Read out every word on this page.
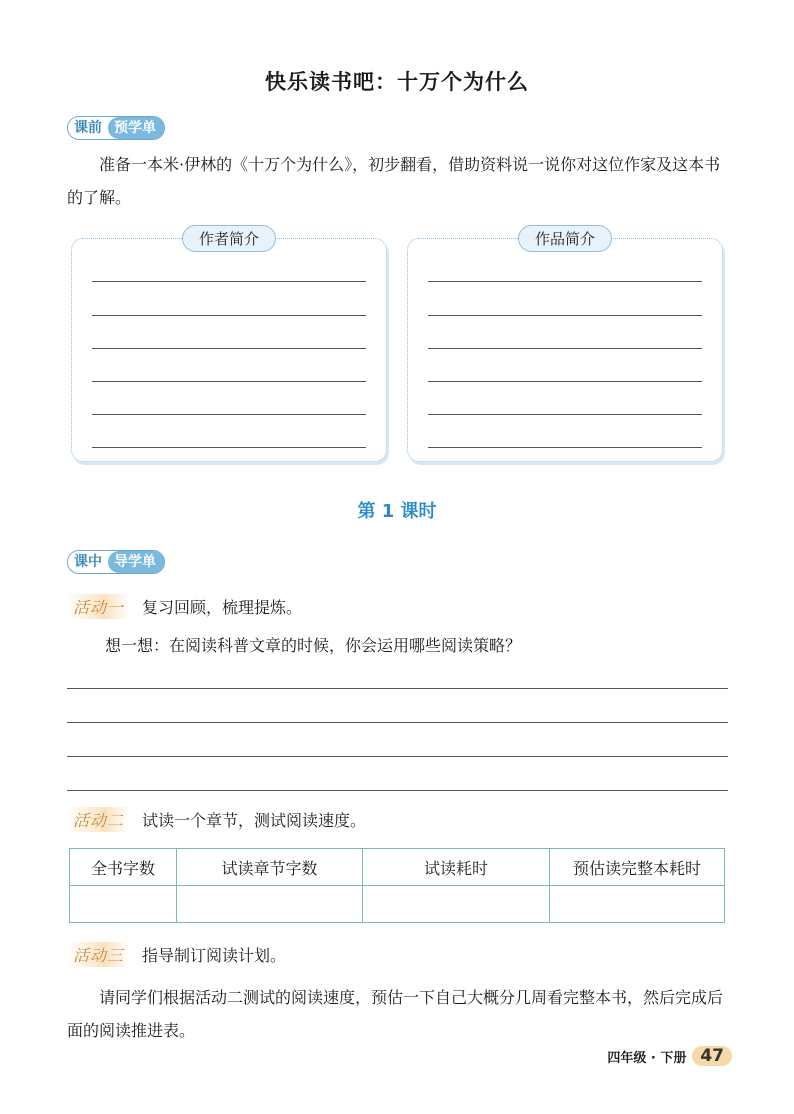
快乐读书吧：十万个为什么
课前 预学单
准备一本米·伊林的《十万个为什么》，初步翻看，借助资料说一说你对这位作家及这本书的了解。
作者简介	作品简介
第 1 课时
课中 导学单
活动一	复习回顾，梳理提炼。
想一想：在阅读科普文章的时候，你会运用哪些阅读策略？
活动二	试读一个章节，测试阅读速度。
全书字数	试读章节字数	试读耗时	预估读完整本耗时

活动三	指导制订阅读计划。
请同学们根据活动二测试的阅读速度，预估一下自己大概分几周看完整本书，然后完成后面的阅读推进表。
四年级 · 下册 47
